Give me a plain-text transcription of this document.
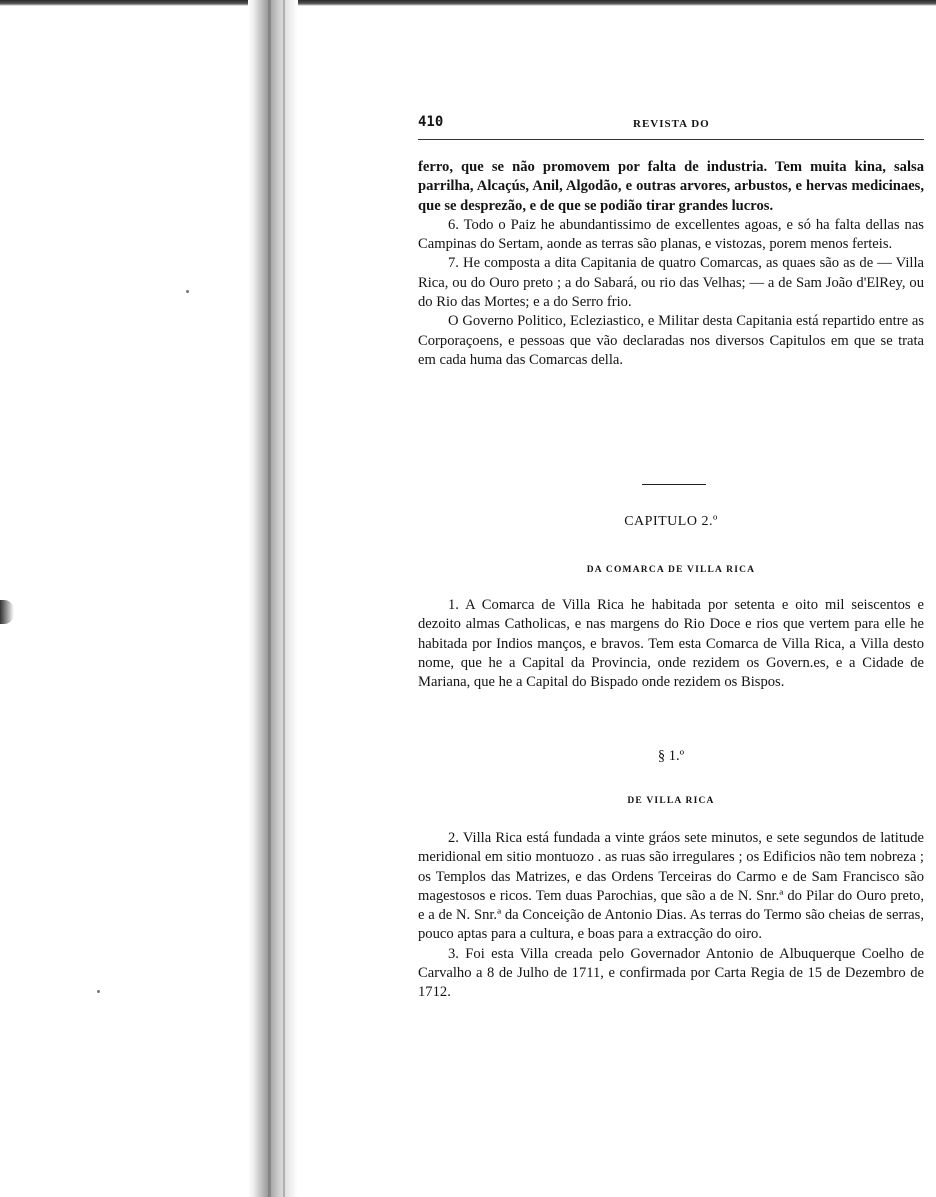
410	REVISTA DO

ferro, que se não promovem por falta de industria. Tem muita kina, salsa parrilha, Alcaçús, Anil, Algodão, e outras arvores, arbustos, e hervas medicinaes, que se desprezão, e de que se podião tirar grandes lucros.

6. Todo o Paiz he abundantissimo de excellentes agoas, e só ha falta dellas nas Campinas do Sertam, aonde as terras são planas, e vistozas, porem menos ferteis.

7. He composta a dita Capitania de quatro Comarcas, as quaes são as de — Villa Rica, ou do Ouro preto ; a do Sabará, ou rio das Velhas; — a de Sam João d'ElRey, ou do Rio das Mortes; e a do Serro frio.

O Governo Politico, Ecleziastico, e Militar desta Capitania está repartido entre as Corporaçoens, e pessoas que vão declaradas nos diversos Capitulos em que se trata em cada huma das Comarcas della.

CAPITULO 2.º
DA COMARCA DE VILLA RICA

1. A Comarca de Villa Rica he habitada por setenta e oito mil seiscentos e dezoito almas Catholicas, e nas margens do Rio Doce e rios que vertem para elle he habitada por Indios manços, e bravos. Tem esta Comarca de Villa Rica, a Villa desto nome, que he a Capital da Provincia, onde rezidem os Govern.es, e a Cidade de Mariana, que he a Capital do Bispado onde rezidem os Bispos.

§ 1.º
DE VILLA RICA

2. Villa Rica está fundada a vinte gráos sete minutos, e sete segundos de latitude meridional em sitio montuozo . as ruas são irregulares ; os Edificios não tem nobreza ; os Templos das Matrizes, e das Ordens Terceiras do Carmo e de Sam Francisco são magestosos e ricos. Tem duas Parochias, que são a de N. Snr.ª do Pilar do Ouro preto, e a de N. Snr.ª da Conceição de Antonio Dias. As terras do Termo são cheias de serras, pouco aptas para a cultura, e boas para a extracção do oiro.

3. Foi esta Villa creada pelo Governador Antonio de Albuquerque Coelho de Carvalho a 8 de Julho de 1711, e confirmada por Carta Regia de 15 de Dezembro de 1712.
